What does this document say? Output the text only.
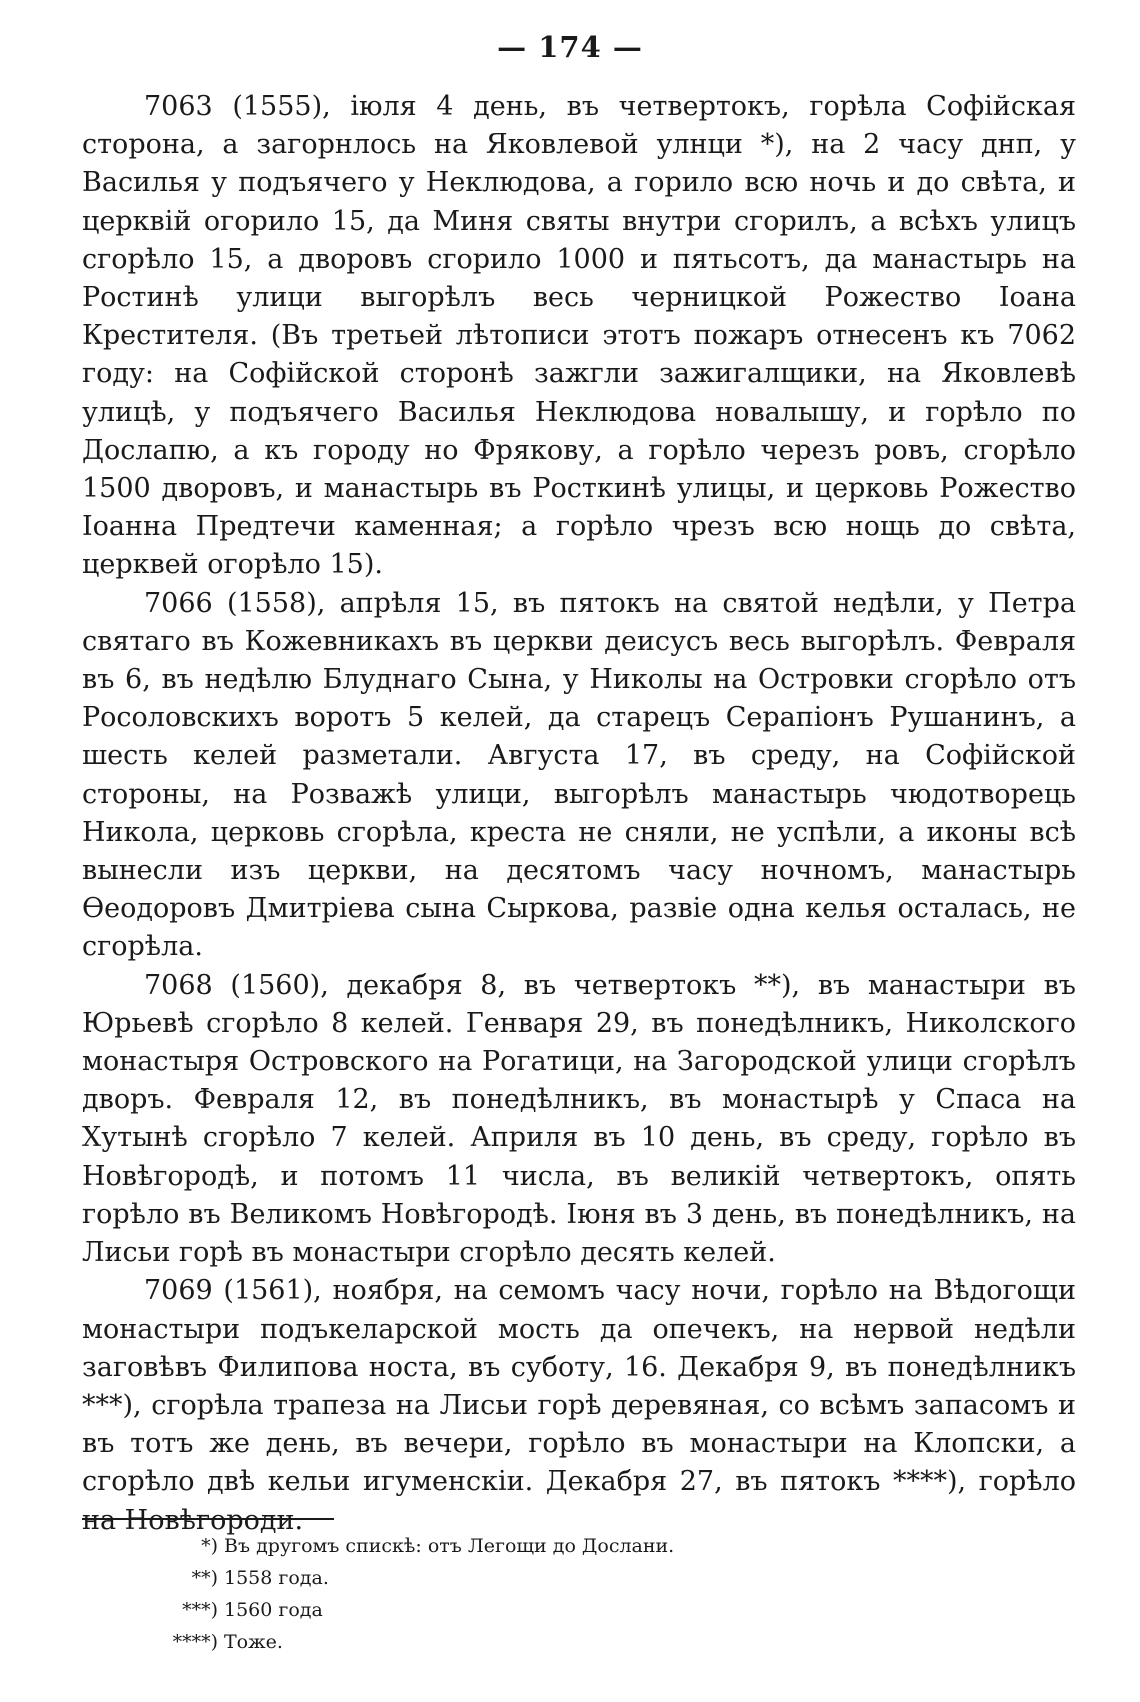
— 174 —

7063 (1555), іюля 4 день, въ четвертокъ, горѣла Софійская сторона, а загорнлось на Яковлевой улнци *), на 2 часу днп, у Василья у подъячего у Неклюдова, а горило всю ночь и до свѣта, и церквій огорило 15, да Миня святы внутри сгорилъ, а всѣхъ улицъ сгорѣло 15, а дворовъ сгорило 1000 и пятьсотъ, да манастырь на Ростинѣ улици выгорѣлъ весь черницкой Рожество Іоана Крестителя. (Въ третьей лѣтописи этотъ пожаръ отнесенъ къ 7062 году: на Софійской сторонѣ зажгли зажигалщики, на Яковлевѣ улицѣ, у подъячего Василья Неклюдова новалышу, и горѣло по Дослапю, а къ городу но Фрякову, а горѣло черезъ ровъ, сгорѣло 1500 дворовъ, и манастырь въ Росткинѣ улицы, и церковь Рожество Іоанна Предтечи каменная; а горѣло чрезъ всю нощь до свѣта, церквей огорѣло 15).

7066 (1558), апрѣля 15, въ пятокъ на святой недѣли, у Петра святаго въ Кожевникахъ въ церкви деисусъ весь выгорѣлъ. Февраля въ 6, въ недѣлю Блуднаго Сына, у Николы на Островки сгорѣло отъ Росоловскихъ воротъ 5 келей, да старецъ Серапіонъ Рушанинъ, а шесть келей разметали. Августа 17, въ среду, на Софійской стороны, на Розважѣ улици, выгорѣлъ манастырь чюдотворець Никола, церковь сгорѣла, креста не сняли, не успѣли, а иконы всѣ вынесли изъ церкви, на десятомъ часу ночномъ, манастырь Ѳеодоровъ Дмитріева сына Сыркова, развіе одна келья осталась, не сгорѣла.

7068 (1560), декабря 8, въ четвертокъ **), въ манастыри въ Юрьевѣ сгорѣло 8 келей. Генваря 29, въ понедѣлникъ, Николского монастыря Островского на Рогатици, на Загородской улици сгорѣлъ дворъ. Февраля 12, въ понедѣлникъ, въ монастырѣ у Спаса на Хутынѣ сгорѣло 7 келей. Априля въ 10 день, въ среду, горѣло въ Новѣгородѣ, и потомъ 11 числа, въ великій четвертокъ, опять горѣло въ Великомъ Новѣгородѣ. Іюня въ 3 день, въ понедѣлникъ, на Лисьи горѣ въ монастыри сгорѣло десять келей.

7069 (1561), ноября, на семомъ часу ночи, горѣло на Вѣдогощи монастыри подъкеларской мость да опечекъ, на нервой недѣли заговѣвъ Филипова носта, въ суботу, 16. Декабря 9, въ понедѣлникъ ***), сгорѣла трапеза на Лисьи горѣ деревяная, со всѣмъ запасомъ и въ тотъ же день, въ вечери, горѣло въ монастыри на Клопски, а сгорѣло двѣ кельи игуменскіи. Декабря 27, въ пятокъ ****), горѣло на Новѣгороди.

*) Въ другомъ спискѣ: отъ Легощи до Дослани.
**) 1558 года.
***) 1560 года
****) Тоже.
